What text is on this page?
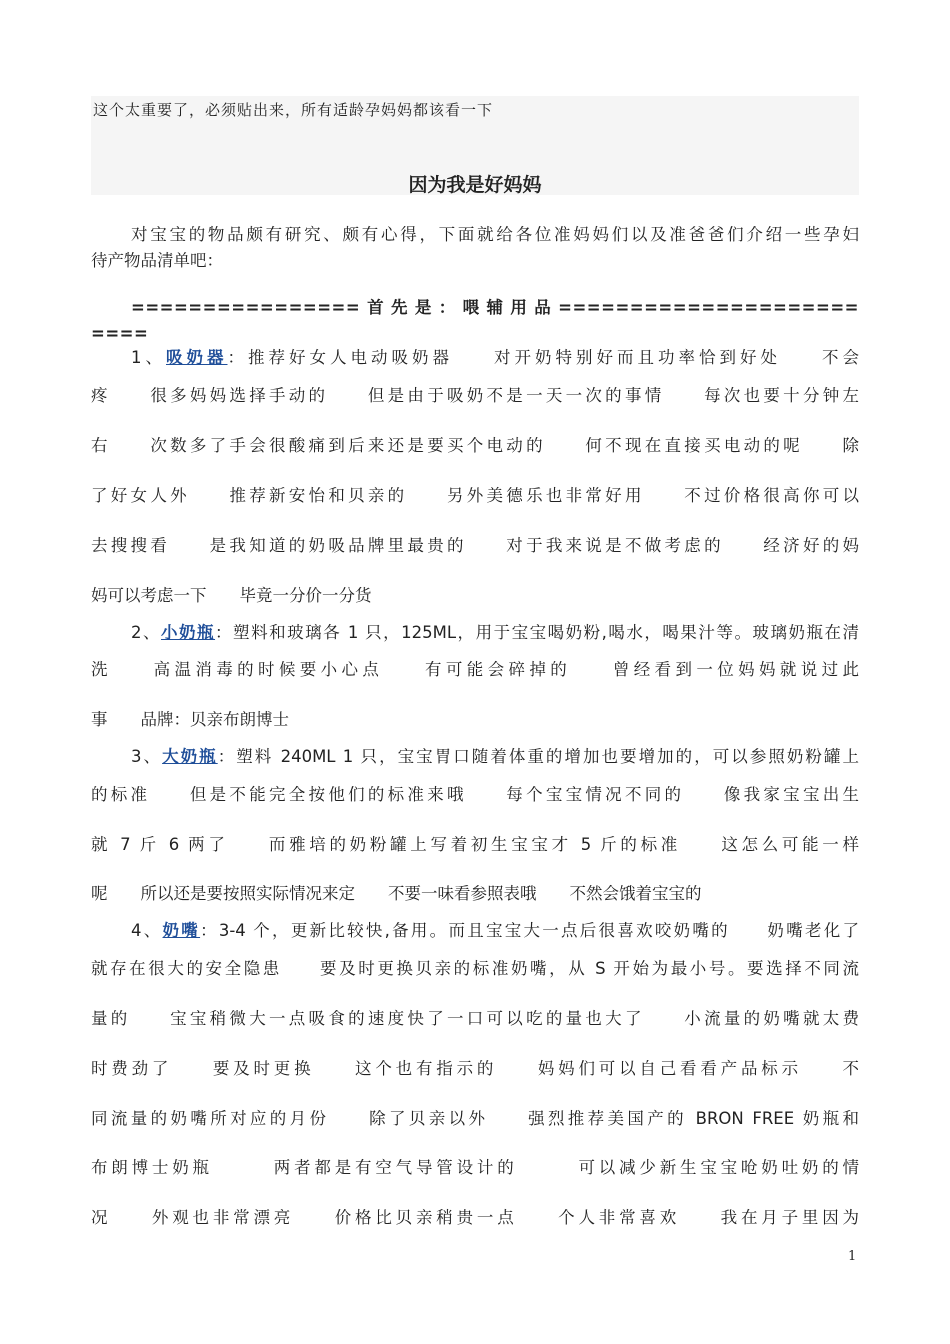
这个太重要了，必须贴出来，所有适龄孕妈妈都该看一下
因为我是好妈妈
对宝宝的物品颇有研究、颇有心得，下面就给各位准妈妈们以及准爸爸们介绍一些孕妇
待产物品清单吧：
================首先是：喂辅用品=====================
====
1、吸奶器：推荐好女人电动吸奶器　　对开奶特别好而且功率恰到好处　　不会
疼　　很多妈妈选择手动的　　但是由于吸奶不是一天一次的事情　　每次也要十分钟左
右　　次数多了手会很酸痛到后来还是要买个电动的　　何不现在直接买电动的呢　　除
了好女人外　　推荐新安怡和贝亲的　　另外美德乐也非常好用　　不过价格很高你可以
去搜搜看　　是我知道的奶吸品牌里最贵的　　对于我来说是不做考虑的　　经济好的妈
妈可以考虑一下　　毕竟一分价一分货
2、小奶瓶：塑料和玻璃各 1 只，125ML，用于宝宝喝奶粉,喝水，喝果汁等。玻璃奶瓶在清
洗　　高温消毒的时候要小心点　　有可能会碎掉的　　曾经看到一位妈妈就说过此
事　　品牌：贝亲布朗博士
3、大奶瓶：塑料 240ML 1 只，宝宝胃口随着体重的增加也要增加的，可以参照奶粉罐上
的标准　　但是不能完全按他们的标准来哦　　每个宝宝情况不同的　　像我家宝宝出生
就 7 斤 6 两了　　而雅培的奶粉罐上写着初生宝宝才 5 斤的标准　　这怎么可能一样
呢　　所以还是要按照实际情况来定　　不要一味看参照表哦　　不然会饿着宝宝的
4、奶嘴：3-4 个，更新比较快,备用。而且宝宝大一点后很喜欢咬奶嘴的　　奶嘴老化了
就存在很大的安全隐患　　要及时更换贝亲的标准奶嘴，从 S 开始为最小号。要选择不同流
量的　　宝宝稍微大一点吸食的速度快了一口可以吃的量也大了　　小流量的奶嘴就太费
时费劲了　　要及时更换　　这个也有指示的　　妈妈们可以自己看看产品标示　　不
同流量的奶嘴所对应的月份　　除了贝亲以外　　强烈推荐美国产的 BRON FREE 奶瓶和
布朗博士奶瓶　　　两者都是有空气导管设计的　　　可以减少新生宝宝呛奶吐奶的情
况　　外观也非常漂亮　　价格比贝亲稍贵一点　　个人非常喜欢　　我在月子里因为
1
